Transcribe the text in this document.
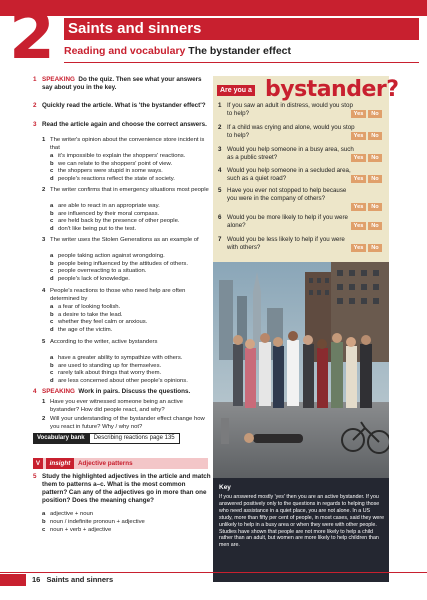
2 Saints and sinners
Reading and vocabulary The bystander effect
1 SPEAKING Do the quiz. Then see what your answers say about you in the key.
2 Quickly read the article. What is 'the bystander effect'?
3 Read the article again and choose the correct answers.
1 The writer's opinion about the convenience store incident is that
a it's impossible to explain the shoppers' reactions.
b we can relate to the shoppers' point of view.
c the shoppers were stupid in some ways.
d people's reactions reflect the state of society.
2 The writer confirms that in emergency situations most people
a are able to react in an appropriate way.
b are influenced by their moral compass.
c are held back by the presence of other people.
d don't like being put to the test.
3 The writer uses the Stolen Generations as an example of
a people taking action against wrongdoing.
b people being influenced by the attitudes of others.
c people overreacting to a situation.
d people's lack of knowledge.
4 People's reactions to those who need help are often determined by
a a fear of looking foolish.
b a desire to take the lead.
c whether they feel calm or anxious.
d the age of the victim.
5 According to the writer, active bystanders
a have a greater ability to sympathize with others.
b are used to standing up for themselves.
c rarely talk about things that worry them.
d are less concerned about other people's opinions.
4 SPEAKING Work in pairs. Discuss the questions.
1 Have you ever witnessed someone being an active bystander? How did people react, and why?
2 Will your understanding of the bystander effect change how you react in future? Why / why not?
Vocabulary bank	Describing reactions page 135
V	insight	Adjective patterns
5 Study the highlighted adjectives in the article and match them to patterns a–c. What is the most common pattern? Can any of the adjectives go in more than one position? Does the meaning change?
a adjective + noun
b noun / indefinite pronoun + adjective
c noun + verb + adjective
Are you a bystander?
1 If you saw an adult in distress, would you stop to help?	Yes	No
2 If a child was crying and alone, would you stop to help?	Yes	No
3 Would you help someone in a busy area, such as a public street?	Yes	No
4 Would you help someone in a secluded area, such as a quiet road?	Yes	No
5 Have you ever not stopped to help because you were in the company of others?
Yes	No
6 Would you be more likely to help if you were alone?	Yes	No
7 Would you be less likely to help if you were with others?	Yes	No
Key
If you answered mostly 'yes' then you are an active bystander. If you answered positively only to the questions in regards to helping those who need assistance in a quiet place, you are not alone. In a US study, more than fifty per cent of people, in most cases, said they were unlikely to help in a busy area or when they were with other people. Studies have shown that people are not more likely to help a child rather than an adult, but women are more likely to help children than men are.
16 Saints and sinners
